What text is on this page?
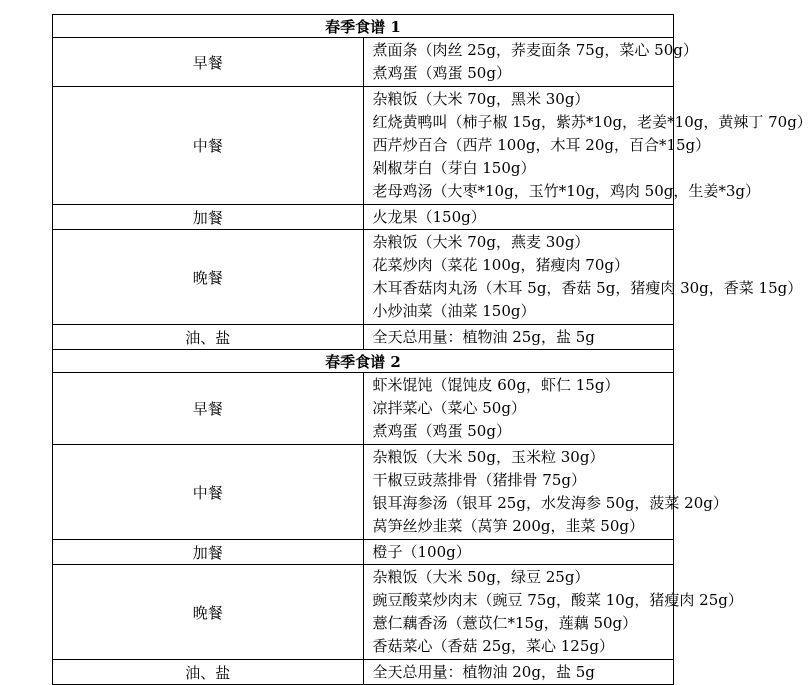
春季食谱 1	
早餐	煮面条（肉丝 25g，荞麦面条 75g，菜心 50g）
煮鸡蛋（鸡蛋 50g）

中餐	杂粮饭（大米 70g，黑米 30g）
红烧黄鸭叫（柿子椒 15g，紫苏*10g，老姜*10g，黄辣丁 70g）
西芹炒百合（西芹 100g，木耳 20g，百合*15g）
剁椒芽白（芽白 150g）
老母鸡汤（大枣*10g，玉竹*10g，鸡肉 50g，生姜*3g）

加餐	火龙果（150g）

晚餐	杂粮饭（大米 70g，燕麦 30g）
花菜炒肉（菜花 100g，猪瘦肉 70g）
木耳香菇肉丸汤（木耳 5g，香菇 5g，猪瘦肉 30g，香菜 15g）
小炒油菜（油菜 150g）

油、盐	全天总用量：植物油 25g，盐 5g

春季食谱 2	
早餐	虾米馄饨（馄饨皮 60g，虾仁 15g）
凉拌菜心（菜心 50g）
煮鸡蛋（鸡蛋 50g）

中餐	杂粮饭（大米 50g，玉米粒 30g）
干椒豆豉蒸排骨（猪排骨 75g）
银耳海参汤（银耳 25g，水发海参 50g，菠菜 20g）
莴笋丝炒韭菜（莴笋 200g，韭菜 50g）

加餐	橙子（100g）

晚餐	杂粮饭（大米 50g，绿豆 25g）
豌豆酸菜炒肉末（豌豆 75g，酸菜 10g，猪瘦肉 25g）
薏仁藕香汤（薏苡仁*15g，莲藕 50g）
香菇菜心（香菇 25g，菜心 125g）

油、盐	全天总用量：植物油 20g，盐 5g
